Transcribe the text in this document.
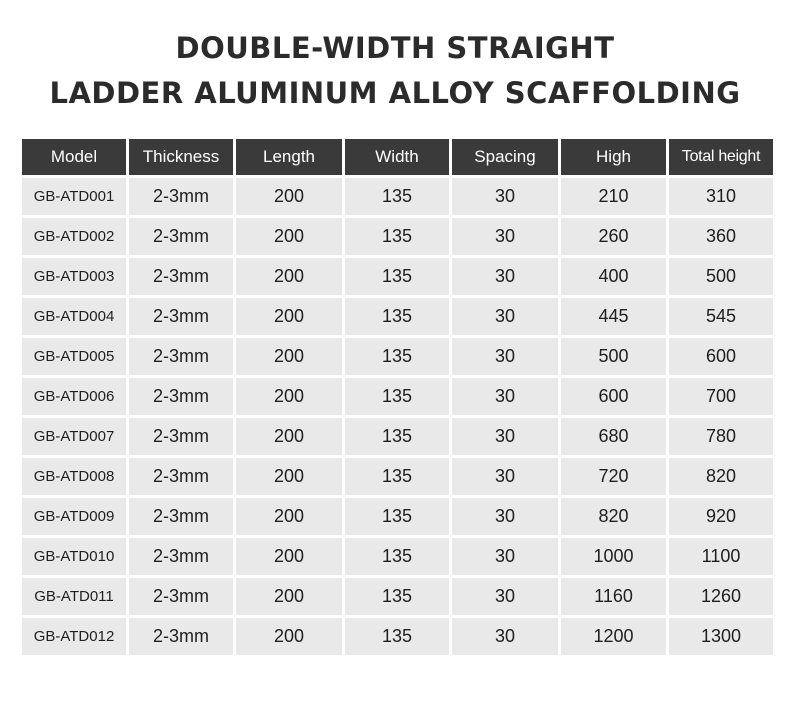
DOUBLE-WIDTH STRAIGHT
LADDER ALUMINUM ALLOY SCAFFOLDING
Model	Thickness	Length	Width	Spacing	High	Total height
GB-ATD001	2-3mm	200	135	30	210	310
GB-ATD002	2-3mm	200	135	30	260	360
GB-ATD003	2-3mm	200	135	30	400	500
GB-ATD004	2-3mm	200	135	30	445	545
GB-ATD005	2-3mm	200	135	30	500	600
GB-ATD006	2-3mm	200	135	30	600	700
GB-ATD007	2-3mm	200	135	30	680	780
GB-ATD008	2-3mm	200	135	30	720	820
GB-ATD009	2-3mm	200	135	30	820	920
GB-ATD010	2-3mm	200	135	30	1000	1100
GB-ATD011	2-3mm	200	135	30	1160	1260
GB-ATD012	2-3mm	200	135	30	1200	1300
